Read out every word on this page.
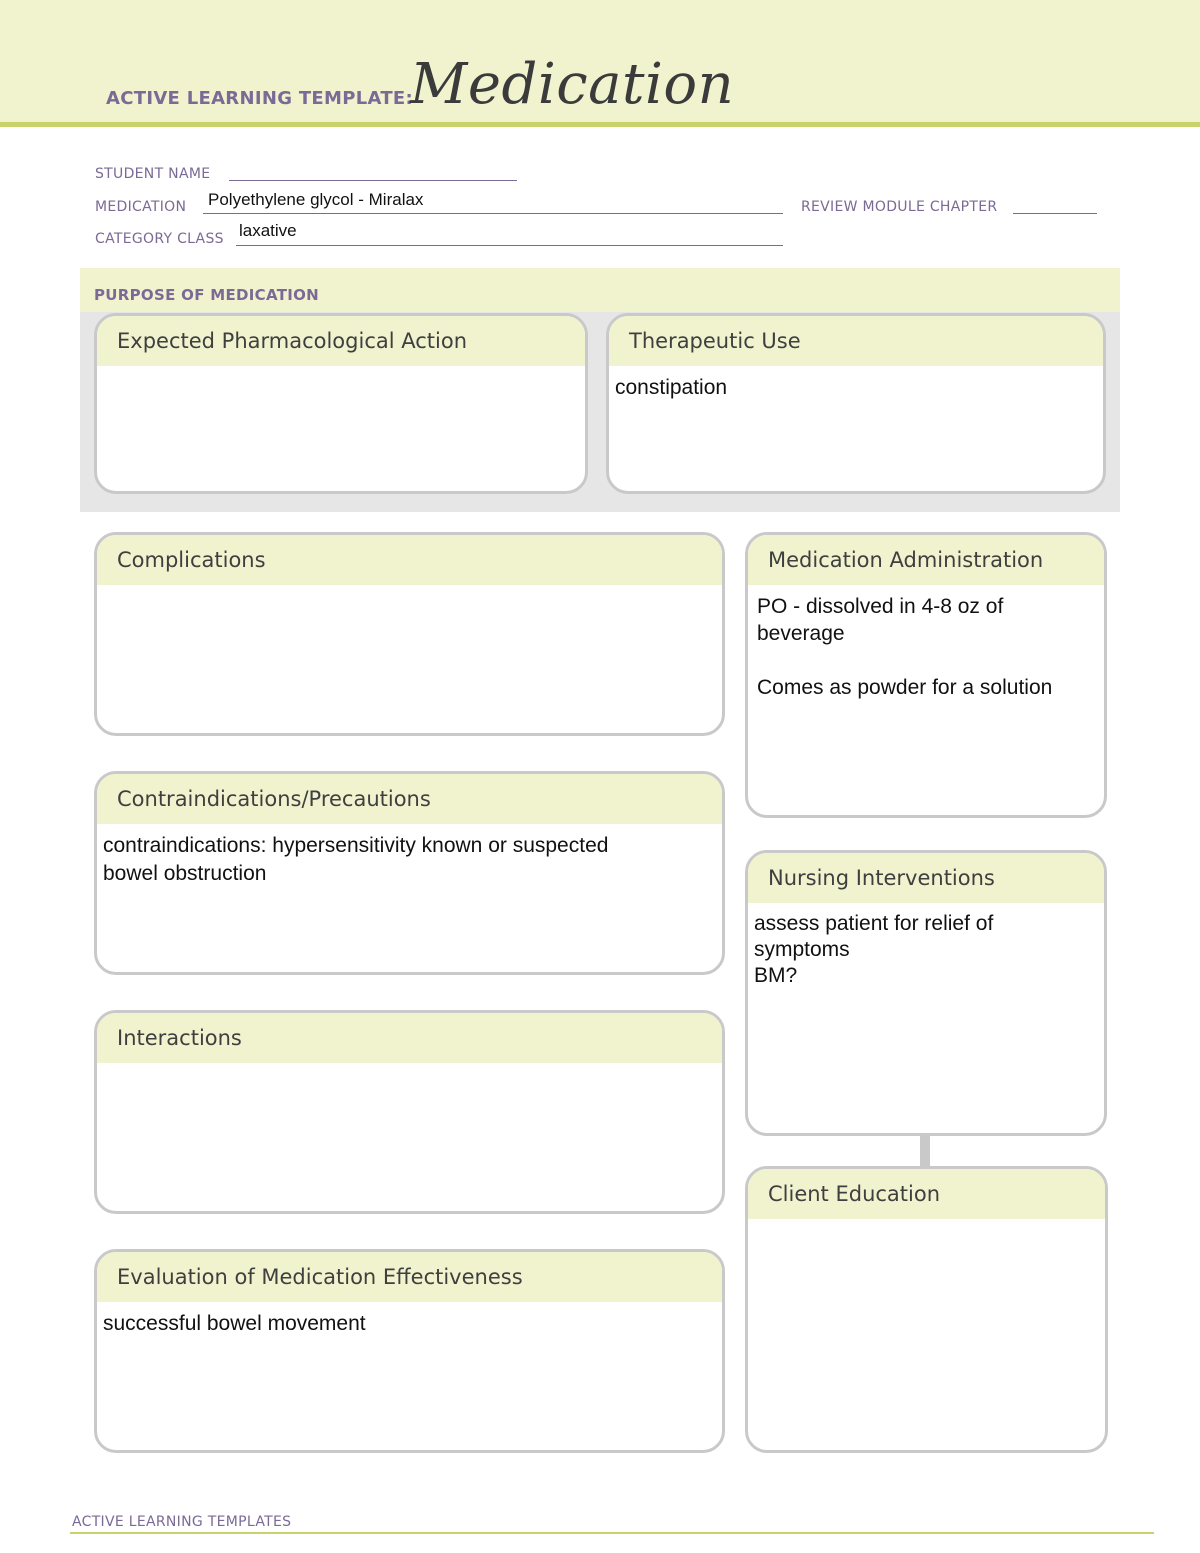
ACTIVE LEARNING TEMPLATE:
Medication
STUDENT NAME
MEDICATION Polyethylene glycol - Miralax	REVIEW MODULE CHAPTER
CATEGORY CLASS laxative
PURPOSE OF MEDICATION
Expected Pharmacological Action	Therapeutic Use
constipation
Complications
Contraindications/Precautions
contraindications: hypersensitivity known or suspected
bowel obstruction
Interactions
Evaluation of Medication Effectiveness
successful bowel movement
Medication Administration
PO - dissolved in 4-8 oz of
beverage

Comes as powder for a solution
Nursing Interventions
assess patient for relief of
symptoms
BM?
Client Education
ACTIVE LEARNING TEMPLATES
